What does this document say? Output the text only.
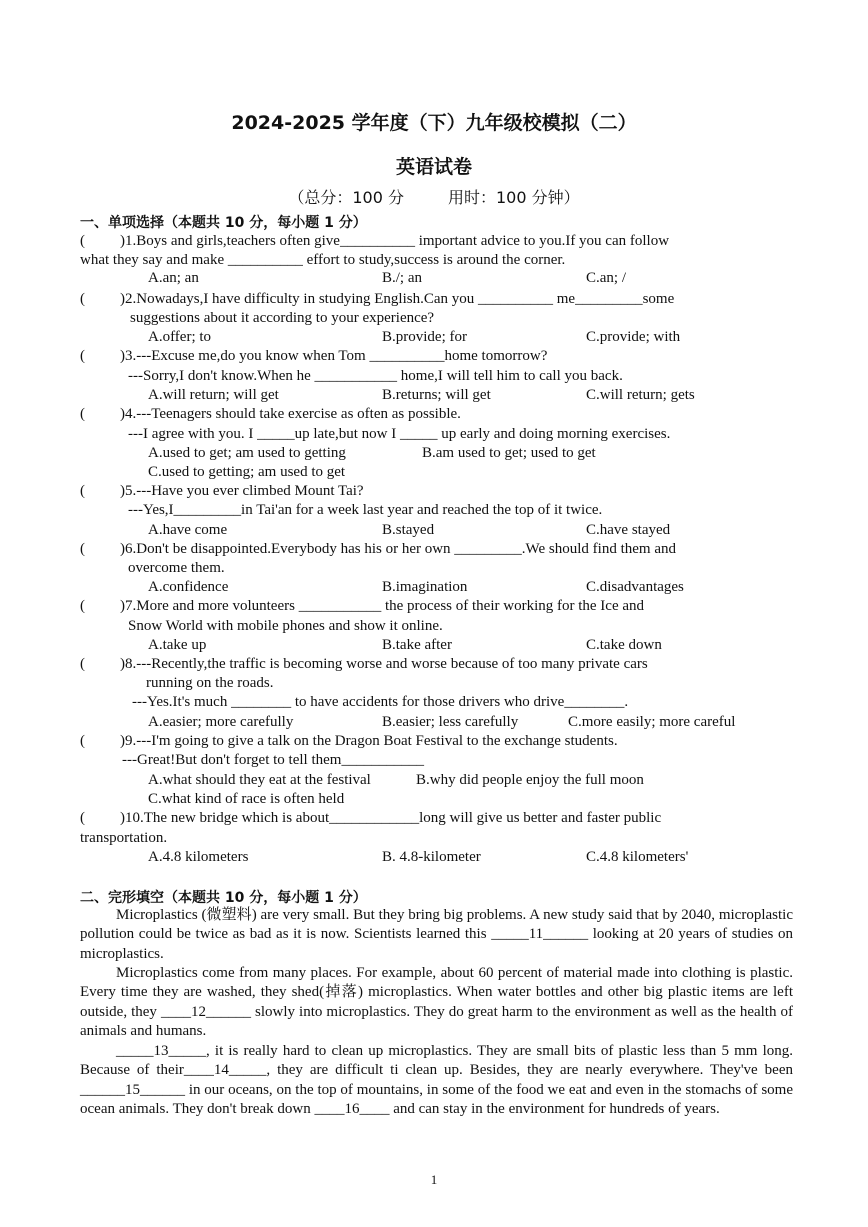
2024-2025 学年度（下）九年级校模拟（二）
英语试卷
（总分：100 分	用时：100 分钟）
一、单项选择（本题共 10 分，每小题 1 分）
( )1.Boys and girls,teachers often give__________ important advice to you.If you can follow
what they say and make __________ effort to study,success is around the corner.
A.an; an	B./; an	C.an; /
( )2.Nowadays,I have difficulty in studying English.Can you __________ me_________some
suggestions about it according to your experience?
A.offer; to	B.provide; for	C.provide; with
( )3.---Excuse me,do you know when Tom __________home tomorrow?
---Sorry,I don't know.When he ___________ home,I will tell him to call you back.
A.will return; will get	B.returns; will get	C.will return; gets
( )4.---Teenagers should take exercise as often as possible.
---I agree with you. I _____up late,but now I _____ up early and doing morning exercises.
A.used to get; am used to getting	B.am used to get; used to get
C.used to getting; am used to get
( )5.---Have you ever climbed Mount Tai?
---Yes,I_________in Tai'an for a week last year and reached the top of it twice.
A.have come	B.stayed	C.have stayed
( )6.Don't be disappointed.Everybody has his or her own _________.We should find them and
overcome them.
A.confidence	B.imagination	C.disadvantages
( )7.More and more volunteers ___________ the process of their working for the Ice and
Snow World with mobile phones and show it online.
A.take up	B.take after	C.take down
( )8.---Recently,the traffic is becoming worse and worse because of too many private cars
running on the roads.
---Yes.It's much ________ to have accidents for those drivers who drive________.
A.easier; more carefully	B.easier; less carefully	C.more easily; more careful
( )9.---I'm going to give a talk on the Dragon Boat Festival to the exchange students.
---Great!But don't forget to tell them___________
A.what should they eat at the festival	B.why did people enjoy the full moon
C.what kind of race is often held
( )10.The new bridge which is about____________long will give us better and faster public
transportation.
A.4.8 kilometers	B. 4.8-kilometer	C.4.8 kilometers'
二、完形填空（本题共 10 分，每小题 1 分）
Microplastics (微塑料) are very small. But they bring big problems. A new study said that by 2040, microplastic pollution could be twice as bad as it is now. Scientists learned this _____11______ looking at 20 years of studies on microplastics.
Microplastics come from many places. For example, about 60 percent of material made into clothing is plastic. Every time they are washed, they shed(掉落) microplastics. When water bottles and other big plastic items are left outside, they ____12______ slowly into microplastics. They do great harm to the environment as well as the health of animals and humans.
_____13_____, it is really hard to clean up microplastics. They are small bits of plastic less than 5 mm long. Because of their____14_____, they are difficult ti clean up. Besides, they are nearly everywhere. They've been ______15______ in our oceans, on the top of mountains, in some of the food we eat and even in the stomachs of some ocean animals. They don't break down ____16____ and can stay in the environment for hundreds of years.
1
